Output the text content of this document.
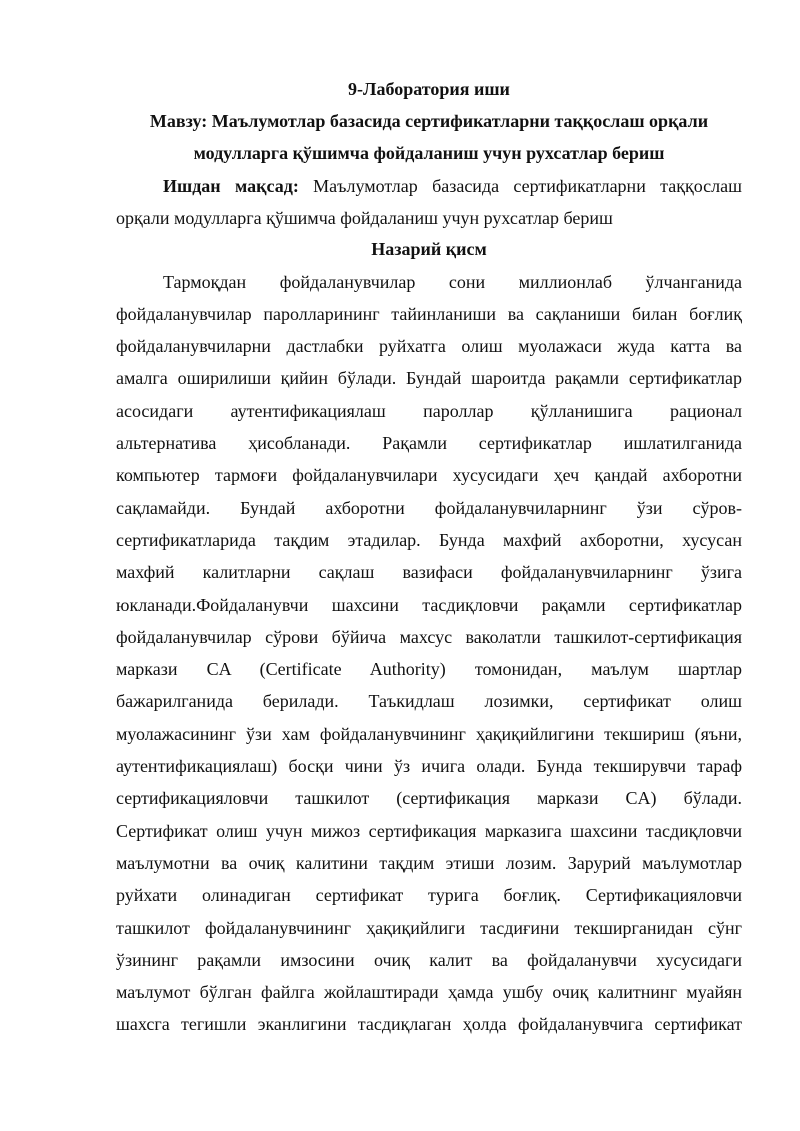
9-Лаборатория иши

Мавзу: Маълумотлар базасида сертификатларни таққослаш орқали

модулларга қўшимча фойдаланиш учун рухсатлар бериш

Ишдан мақсад: Маълумотлар базасида сертификатларни таққослаш
орқали модулларга қўшимча фойдаланиш учун рухсатлар бериш

Назарий қисм

Тармоқдан фойдаланувчилар сони миллионлаб ўлчанганида
фойдаланувчилар паролларининг тайинланиши ва сақланиши билан боғлиқ
фойдаланувчиларни дастлабки руйхатга олиш муолажаси жуда катта ва
амалга оширилиши қийин бўлади. Бундай шароитда рақамли сертификатлар
асосидаги аутентификациялаш пароллар қўлланишига рационал
альтернатива ҳисобланади. Рақамли сертификатлар ишлатилганида
компьютер тармоғи фойдаланувчилари хусусидаги ҳеч қандай ахборотни
сақламайди. Бундай ахборотни фойдаланувчиларнинг ўзи сўров-
сертификатларида тақдим этадилар. Бунда махфий ахборотни, хусусан
махфий калитларни сақлаш вазифаси фойдаланувчиларнинг ўзига
юкланади.Фойдаланувчи шахсини тасдиқловчи рақамли сертификатлар
фойдаланувчилар сўрови бўйича махсус ваколатли ташкилот-сертификация
маркази CA (Certificate Authority) томонидан, маълум шартлар
бажарилганида берилади. Таъкидлаш лозимки, сертификат олиш
муолажасининг ўзи хам фойдаланувчининг ҳақиқийлигини текшириш (яъни,
аутентификациялаш) босқи чини ўз ичига олади. Бунда текширувчи тараф
сертификацияловчи ташкилот (сертификация маркази CA) бўлади.
Сертификат олиш учун мижоз сертификация марказига шахсини тасдиқловчи
маълумотни ва очиқ калитини тақдим этиши лозим. Зарурий маълумотлар
руйхати олинадиган сертификат турига боғлиқ. Сертификацияловчи
ташкилот фойдаланувчининг ҳақиқийлиги тасдиғини текширганидан сўнг
ўзининг рақамли имзосини очиқ калит ва фойдаланувчи хусусидаги
маълумот бўлган файлга жойлаштиради ҳамда ушбу очиқ калитнинг муайян
шахсга тегишли эканлигини тасдиқлаган ҳолда фойдаланувчига сертификат
